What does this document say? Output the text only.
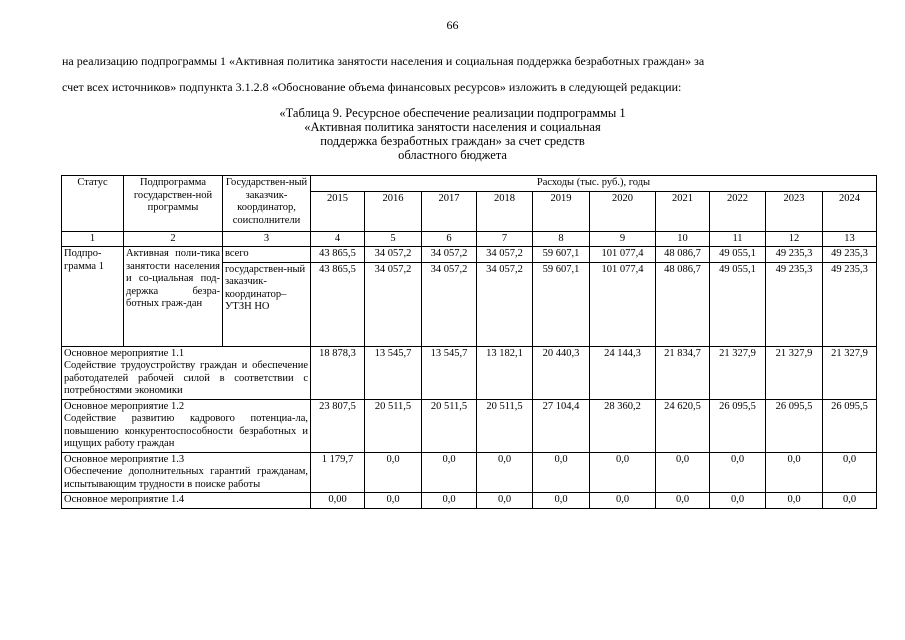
66
на реализацию подпрограммы 1 «Активная политика занятости населения и социальная поддержка безработных граждан» за
счет всех источников» подпункта 3.1.2.8 «Обоснование объема финансовых ресурсов» изложить в следующей редакции:
«Таблица 9. Ресурсное обеспечение реализации подпрограммы 1
«Активная политика занятости населения и социальная
поддержка безработных граждан» за счет средств
областного бюджета
Статус	Подпрограмма государствен-ной программы	Государствен-ный заказчик-координатор, соисполнители	Расходы (тыс. руб.), годы									
			2015	2016	2017	2018	2019	2020	2021	2022	2023	2024
1	2	3	4	5	6	7	8	9	10	11	12	13
Подпро-грамма 1	Активная поли-тика занятости населения и со-циальная под-держка безра-ботных граж-дан	всего	43 865,5	34 057,2	34 057,2	34 057,2	59 607,1	101 077,4	48 086,7	49 055,1	49 235,3	49 235,3
		государствен-ный заказчик-координатор–УТЗН НО	43 865,5	34 057,2	34 057,2	34 057,2	59 607,1	101 077,4	48 086,7	49 055,1	49 235,3	49 235,3

Основное мероприятие 1.1
Содействие трудоустройству граждан и обеспечение работодателей рабочей силой в соответствии с потребностями экономики			18 878,3	13 545,7	13 545,7	13 182,1	20 440,3	24 144,3	21 834,7	21 327,9	21 327,9	21 327,9

Основное мероприятие 1.2
Содействие развитию кадрового потенциа-ла, повышению конкурентоспособности безработных и ищущих работу граждан			23 807,5	20 511,5	20 511,5	20 511,5	27 104,4	28 360,2	24 620,5	26 095,5	26 095,5	26 095,5

Основное мероприятие 1.3
Обеспечение дополнительных гарантий гражданам, испытывающим трудности в поиске работы			1 179,7	0,0	0,0	0,0	0,0	0,0	0,0	0,0	0,0	0,0

Основное мероприятие 1.4			0,00	0,0	0,0	0,0	0,0	0,0	0,0	0,0	0,0	0,0
